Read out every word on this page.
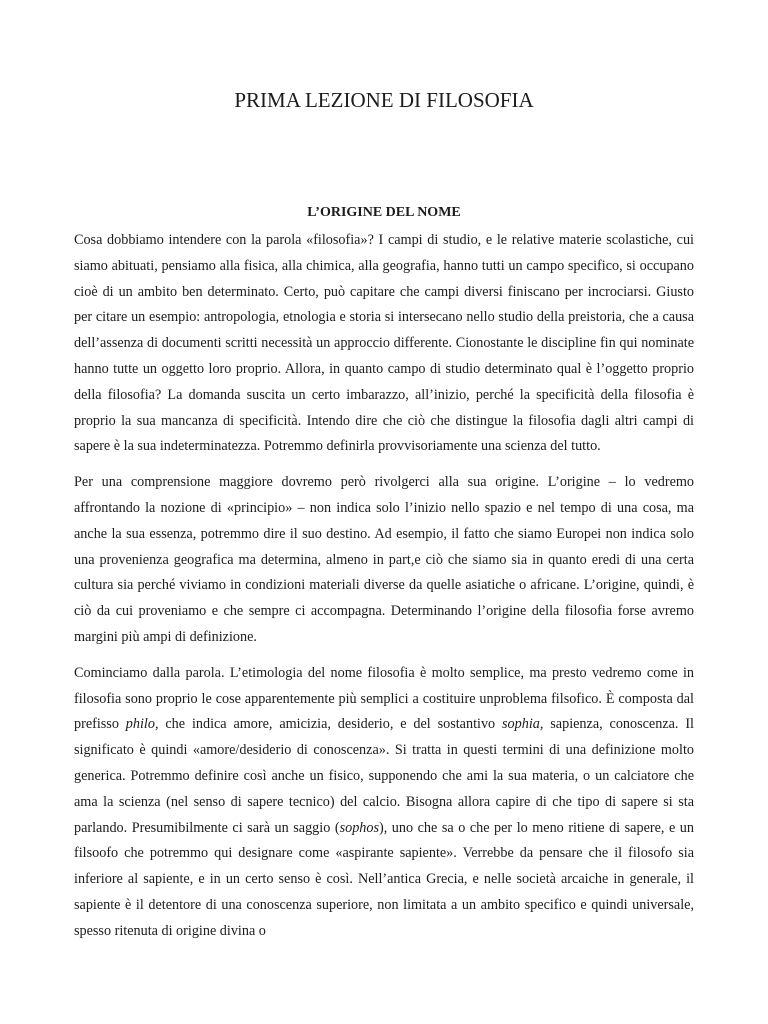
PRIMA LEZIONE DI FILOSOFIA
L’ORIGINE DEL NOME

Cosa dobbiamo intendere con la parola «filosofia»? I campi di studio, e le relative materie scolastiche, cui siamo abituati, pensiamo alla fisica, alla chimica, alla geografia, hanno tutti un campo specifico, si occupano cioè di un ambito ben determinato. Certo, può capitare che campi diversi finiscano per incrociarsi. Giusto per citare un esempio: antropologia, etnologia e storia si intersecano nello studio della preistoria, che a causa dell’assenza di documenti scritti necessità un approccio differente. Cionostante le discipline fin qui nominate hanno tutte un oggetto loro proprio. Allora, in quanto campo di studio determinato qual è l’oggetto proprio della filosofia? La domanda suscita un certo imbarazzo, all’inizio, perché la specificità della filosofia è proprio la sua mancanza di specificità. Intendo dire che ciò che distingue la filosofia dagli altri campi di sapere è la sua indeterminatezza. Potremmo definirla provvisoriamente una scienza del tutto.

Per una comprensione maggiore dovremo però rivolgerci alla sua origine. L’origine – lo vedremo affrontando la nozione di «principio» – non indica solo l’inizio nello spazio e nel tempo di una cosa, ma anche la sua essenza, potremmo dire il suo destino. Ad esempio, il fatto che siamo Europei non indica solo una provenienza geografica ma determina, almeno in part,e ciò che siamo sia in quanto eredi di una certa cultura sia perché viviamo in condizioni materiali diverse da quelle asiatiche o africane. L’origine, quindi, è ciò da cui proveniamo e che sempre ci accompagna. Determinando l’origine della filosofia forse avremo margini più ampi di definizione.

Cominciamo dalla parola. L’etimologia del nome filosofia è molto semplice, ma presto vedremo come in filosofia sono proprio le cose apparentemente più semplici a costituire unproblema filsofico. È composta dal prefisso philo, che indica amore, amicizia, desiderio, e del sostantivo sophia, sapienza, conoscenza. Il significato è quindi «amore/desiderio di conoscenza». Si tratta in questi termini di una definizione molto generica. Potremmo definire così anche un fisico, supponendo che ami la sua materia, o un calciatore che ama la scienza (nel senso di sapere tecnico) del calcio. Bisogna allora capire di che tipo di sapere si sta parlando. Presumibilmente ci sarà un saggio (sophos), uno che sa o che per lo meno ritiene di sapere, e un filsoofo che potremmo qui designare come «aspirante sapiente». Verrebbe da pensare che il filosofo sia inferiore al sapiente, e in un certo senso è così. Nell’antica Grecia, e nelle società arcaiche in generale, il sapiente è il detentore di una conoscenza superiore, non limitata a un ambito specifico e quindi universale, spesso ritenuta di origine divina o
